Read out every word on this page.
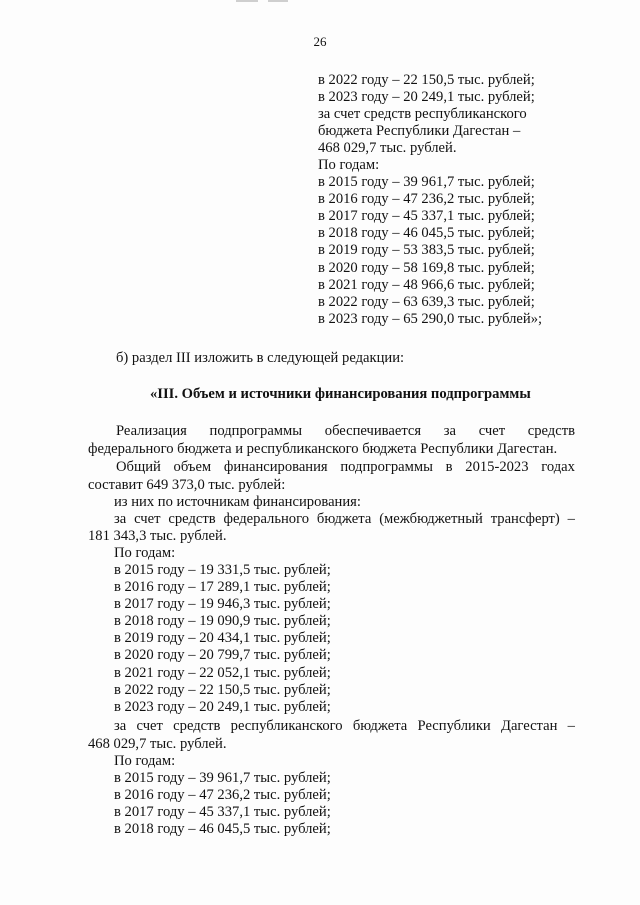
26
в 2022 году – 22 150,5 тыс. рублей;
в 2023 году – 20 249,1 тыс. рублей;
за счет средств республиканского
бюджета Республики Дагестан –
468 029,7 тыс. рублей.
По годам:
в 2015 году – 39 961,7 тыс. рублей;
в 2016 году – 47 236,2 тыс. рублей;
в 2017 году – 45 337,1 тыс. рублей;
в 2018 году – 46 045,5 тыс. рублей;
в 2019 году – 53 383,5 тыс. рублей;
в 2020 году – 58 169,8 тыс. рублей;
в 2021 году – 48 966,6 тыс. рублей;
в 2022 году – 63 639,3 тыс. рублей;
в 2023 году – 65 290,0 тыс. рублей»;
б) раздел III изложить в следующей редакции:
«III. Объем и источники финансирования подпрограммы
Реализация подпрограммы обеспечивается за счет средств
федерального бюджета и республиканского бюджета Республики Дагестан.
Общий объем финансирования подпрограммы в 2015-2023 годах
составит 649 373,0 тыс. рублей:
из них по источникам финансирования:
за счет средств федерального бюджета (межбюджетный трансферт) –
181 343,3 тыс. рублей.
По годам:
в 2015 году – 19 331,5 тыс. рублей;
в 2016 году – 17 289,1 тыс. рублей;
в 2017 году – 19 946,3 тыс. рублей;
в 2018 году – 19 090,9 тыс. рублей;
в 2019 году – 20 434,1 тыс. рублей;
в 2020 году – 20 799,7 тыс. рублей;
в 2021 году – 22 052,1 тыс. рублей;
в 2022 году – 22 150,5 тыс. рублей;
в 2023 году – 20 249,1 тыс. рублей;
за счет средств республиканского бюджета Республики Дагестан –
468 029,7 тыс. рублей.
По годам:
в 2015 году – 39 961,7 тыс. рублей;
в 2016 году – 47 236,2 тыс. рублей;
в 2017 году – 45 337,1 тыс. рублей;
в 2018 году – 46 045,5 тыс. рублей;
